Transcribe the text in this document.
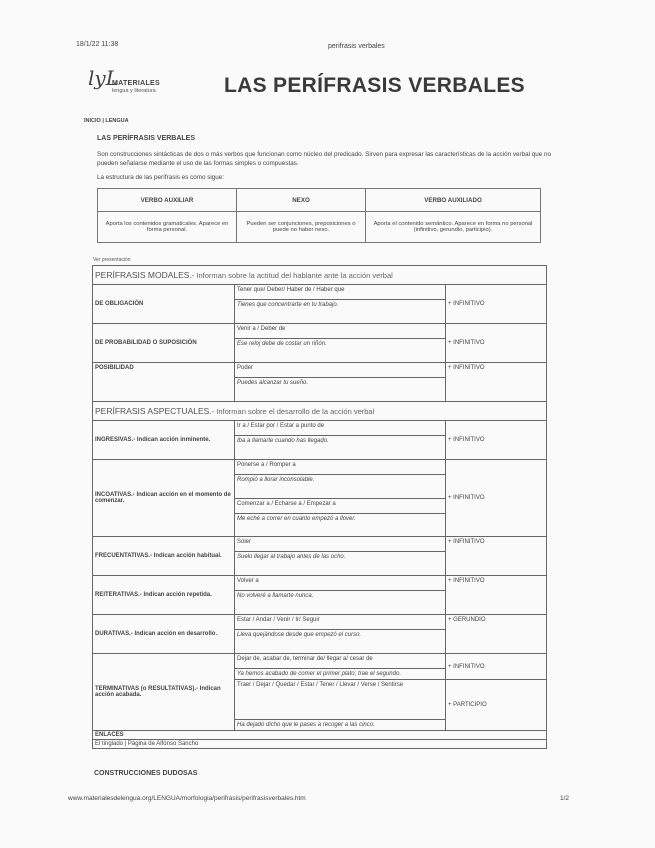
18/1/22 11:38	perifrasis verbales
lyL
MATERIALES
lengua y literatura	LAS PERÍFRASIS VERBALES
INICIO | LENGUA
LAS PERÍFRASIS VERBALES
Son construcciones sintácticas de dos o más verbos que funcionan como núcleo del predicado. Sirven para expresar las características de la acción verbal que no pueden señalarse mediante el uso de las formas simples o compuestas.
La estructura de las perífrasis es como sigue:
VERBO AUXILIAR	NEXO	VERBO AUXILIADO
Aporta los contenidos gramaticales. Aparece en forma personal.	Pueden ser conjunciones, preposiciones o puede no haber nexo.	Aporta el contenido semántico. Aparece en forma no personal (infinitivo, gerundio, participio).
Ver presentación
PERÍFRASIS MODALES.- Informan sobre la actitud del hablante ante la acción verbal		
DE OBLIGACIÓN	Tener que/ Deber/ Haber de / Haber que	+ INFINITIVO
	Tienes que concentrarte en tu trabajo.	
DE PROBABILIDAD O SUPOSICIÓN	Venir a / Deber de	+ INFINITIVO
	Ese reloj debe de costar un riñón.	
POSIBILIDAD	Poder	+ INFINITIVO
	Puedes alcanzar tu sueño.	
PERÍFRASIS ASPECTUALES.- Informan sobre el desarrollo de la acción verbal		
INGRESIVAS.- Indican acción inminente.	Ir a / Estar por / Estar a punto de	+ INFINITIVO
	Iba a llamarte cuando has llegado.	
INCOATIVAS.- Indican acción en el momento de comenzar.	Ponerse a / Romper a	+ INFINITIVO
	Rompió a llorar inconsolable.	
	Comenzar a / Echarse a / Empezar a	
	Me eché a correr en cuanto empezó a llover.	
FRECUENTATIVAS.- Indican acción habitual.	Soler	+ INFINITIVO
	Suelo llegar al trabajo antes de las ocho.	
REITERATIVAS.- Indican acción repetida.	Volver a	+ INFINITIVO
	No volveré a llamarte nunca.	
DURATIVAS.- Indican acción en desarrollo.	Estar / Andar / Venir / Ir/ Seguir	+ GERUNDIO
	Lleva quejándose desde que empezó el curso.	
TERMINATIVAS (o RESULTATIVAS).- Indican acción acabada.	Dejar de, acabar de, terminar de/ llegar a/ cesar de	+ INFINITIVO
	Ya hemos acabado de comer el primer plato; trae el segundo.	
	Traer / Dejar / Quedar / Estar / Tener / Llevar / Verse / Sentirse	+ PARTICIPIO
	Ha dejado dicho que le pases a recoger a las cinco.	
ENLACES		
El tinglado | Página de Alfonso Sancho		
CONSTRUCCIONES DUDOSAS
www.materialesdelengua.org/LENGUA/morfologia/perifrasis/perifrasisverbales.htm	1/2
